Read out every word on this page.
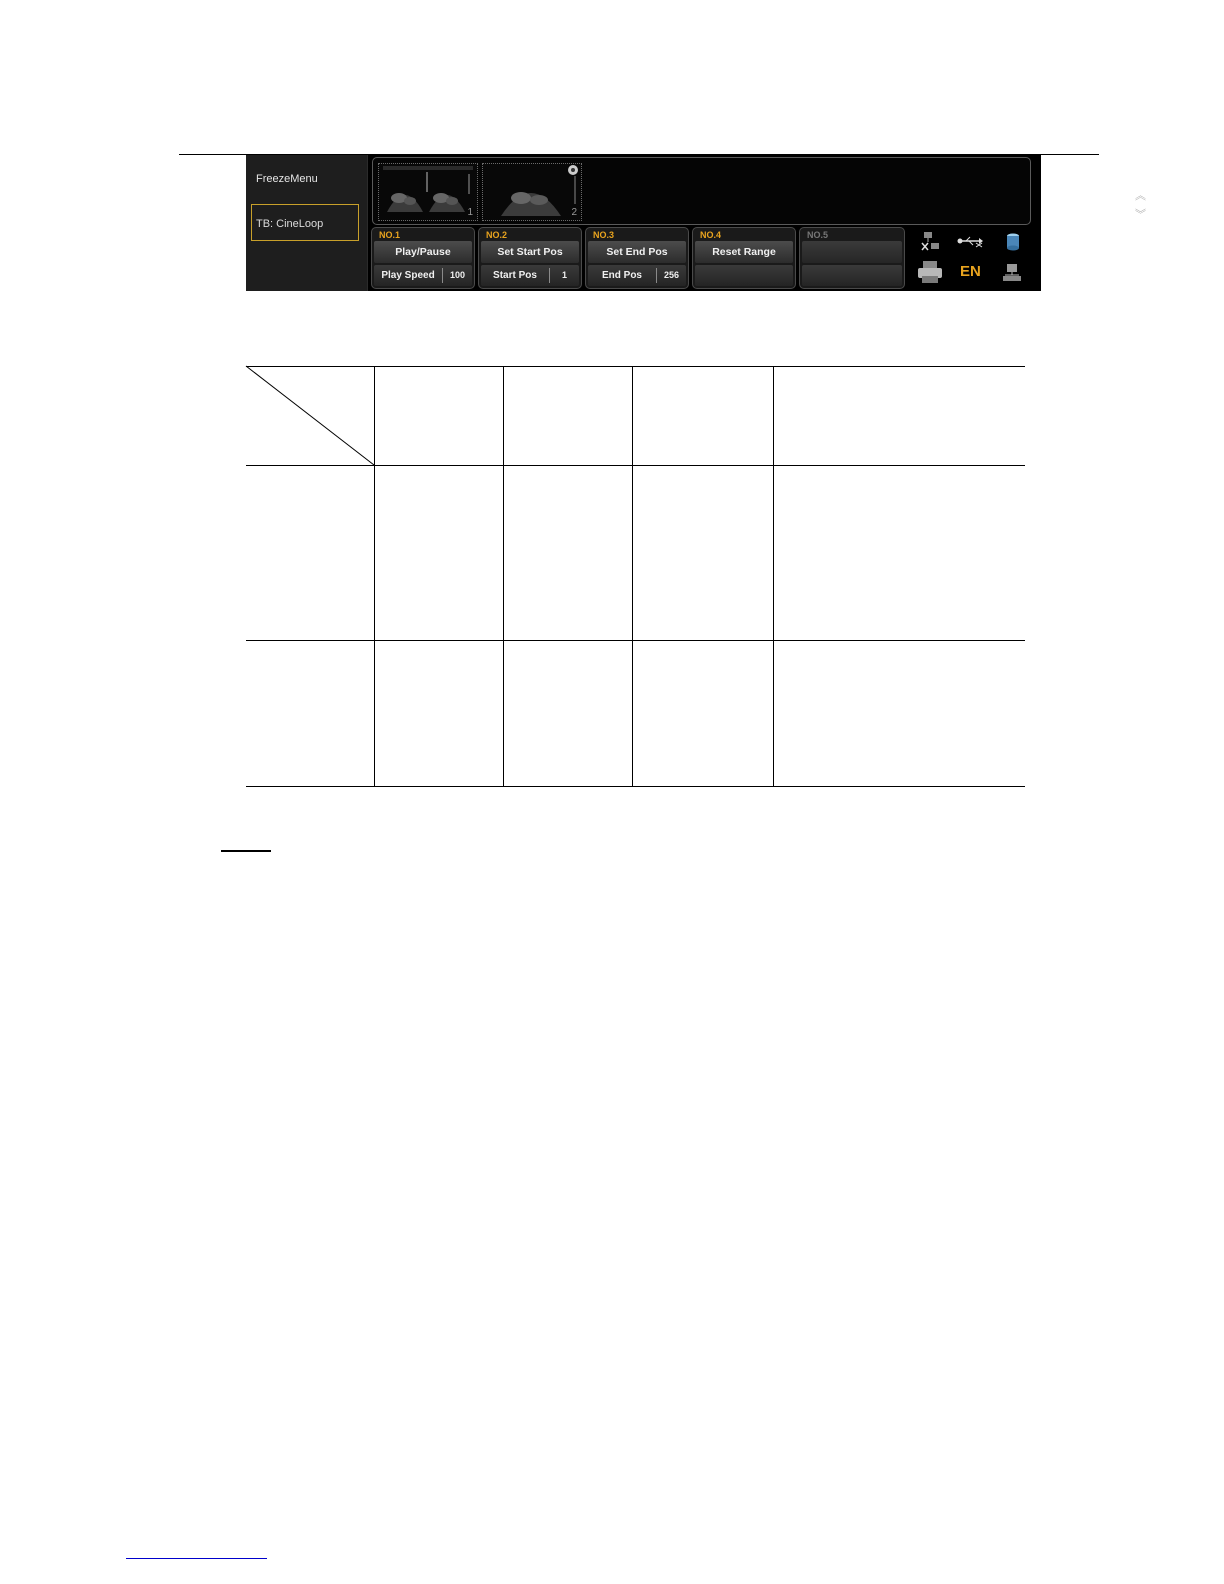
FreezeMenu
TB: CineLoop
1	2
︽
︾
NO.1
Play/Pause
Play Speed	100
NO.2
Set Start Pos
Start Pos	1
NO.3
Set End Pos
End Pos	256
NO.4
Reset Range
NO.5
EN
